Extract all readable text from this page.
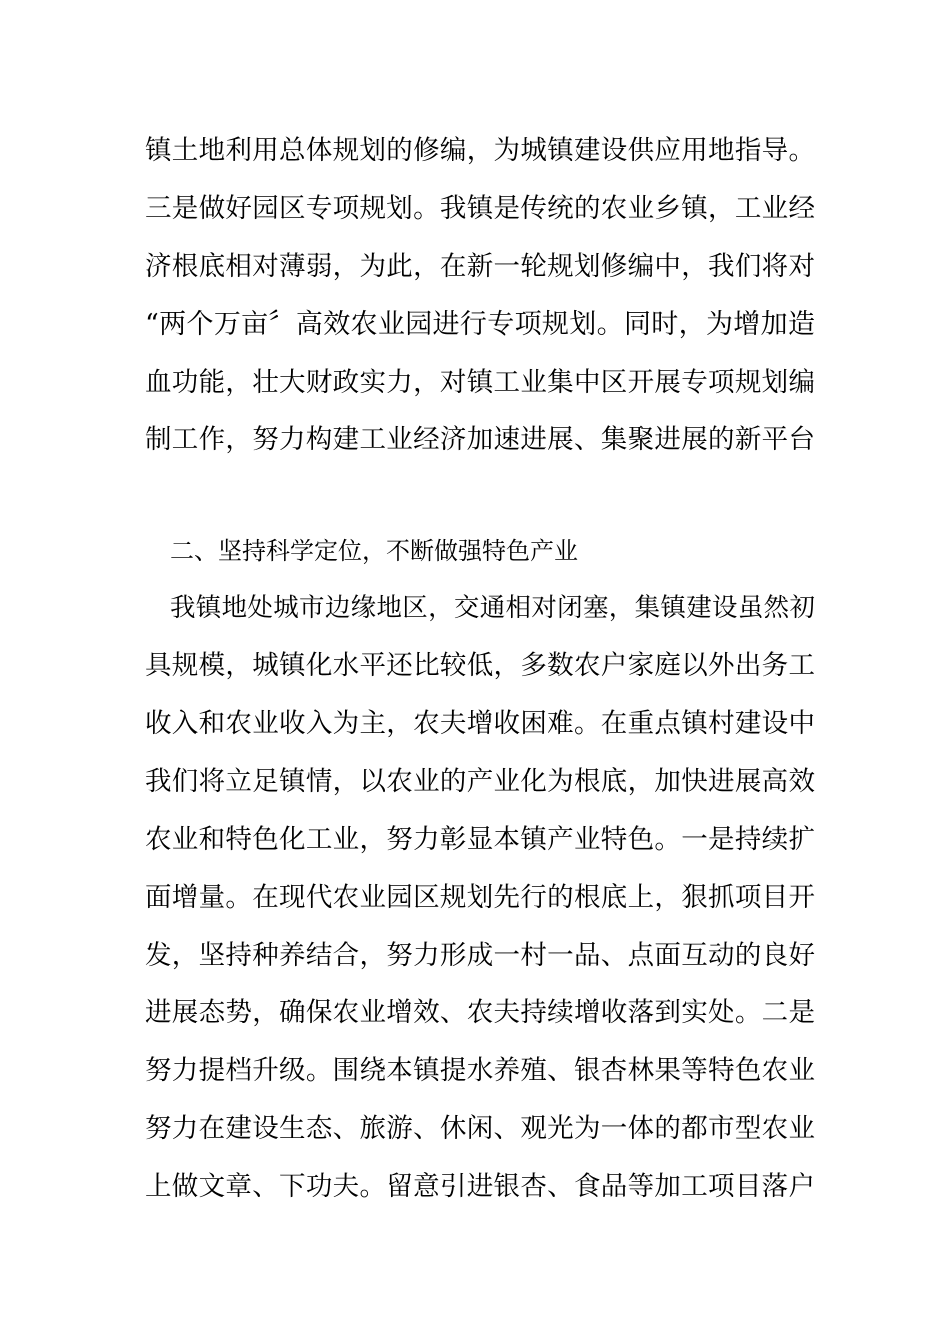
镇土地利用总体规划的修编，为城镇建设供应用地指导。
三是做好园区专项规划。我镇是传统的农业乡镇，工业经
济根底相对薄弱，为此，在新一轮规划修编中，我们将对
“两个万亩〞高效农业园进行专项规划。同时，为增加造
血功能，壮大财政实力，对镇工业集中区开展专项规划编
制工作，努力构建工业经济加速进展、集聚进展的新平台
二、坚持科学定位，不断做强特色产业
我镇地处城市边缘地区，交通相对闭塞，集镇建设虽然初
具规模，城镇化水平还比较低，多数农户家庭以外出务工
收入和农业收入为主，农夫增收困难。在重点镇村建设中
我们将立足镇情，以农业的产业化为根底，加快进展高效
农业和特色化工业，努力彰显本镇产业特色。一是持续扩
面增量。在现代农业园区规划先行的根底上，狠抓项目开
发，坚持种养结合，努力形成一村一品、点面互动的良好
进展态势，确保农业增效、农夫持续增收落到实处。二是
努力提档升级。围绕本镇提水养殖、银杏林果等特色农业
努力在建设生态、旅游、休闲、观光为一体的都市型农业
上做文章、下功夫。留意引进银杏、食品等加工项目落户
